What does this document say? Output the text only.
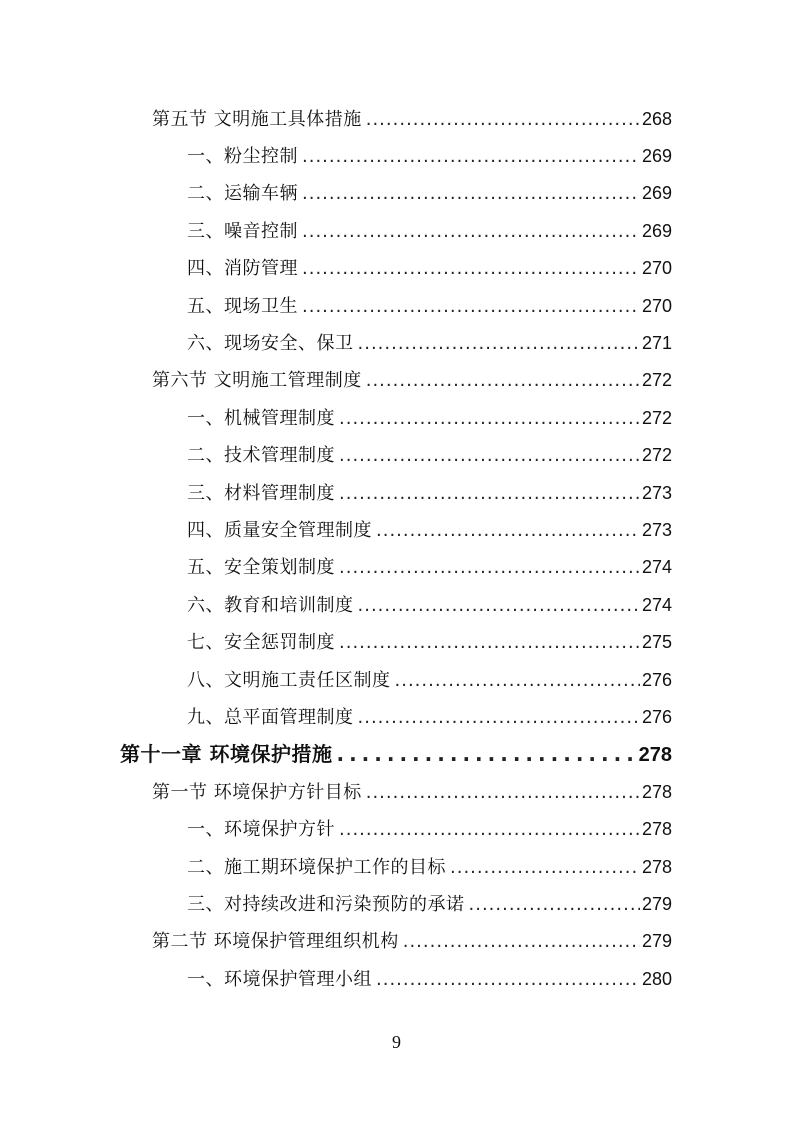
第五节 文明施工具体措施 .....	268
一、粉尘控制 .....	269
二、运输车辆 .....	269
三、噪音控制 .....	269
四、消防管理 .....	270
五、现场卫生 .....	270
六、现场安全、保卫 .....	271
第六节 文明施工管理制度 .....	272
一、机械管理制度 .....	272
二、技术管理制度 .....	272
三、材料管理制度 .....	273
四、质量安全管理制度 .....	273
五、安全策划制度 .....	274
六、教育和培训制度 .....	274
七、安全惩罚制度 .....	275
八、文明施工责任区制度 .....	276
九、总平面管理制度 .....	276
第十一章 环境保护措施 .....	278
第一节 环境保护方针目标 .....	278
一、环境保护方针 .....	278
二、施工期环境保护工作的目标 .....	278
三、对持续改进和污染预防的承诺 .....	279
第二节 环境保护管理组织机构 .....	279
一、环境保护管理小组 .....	280
9
